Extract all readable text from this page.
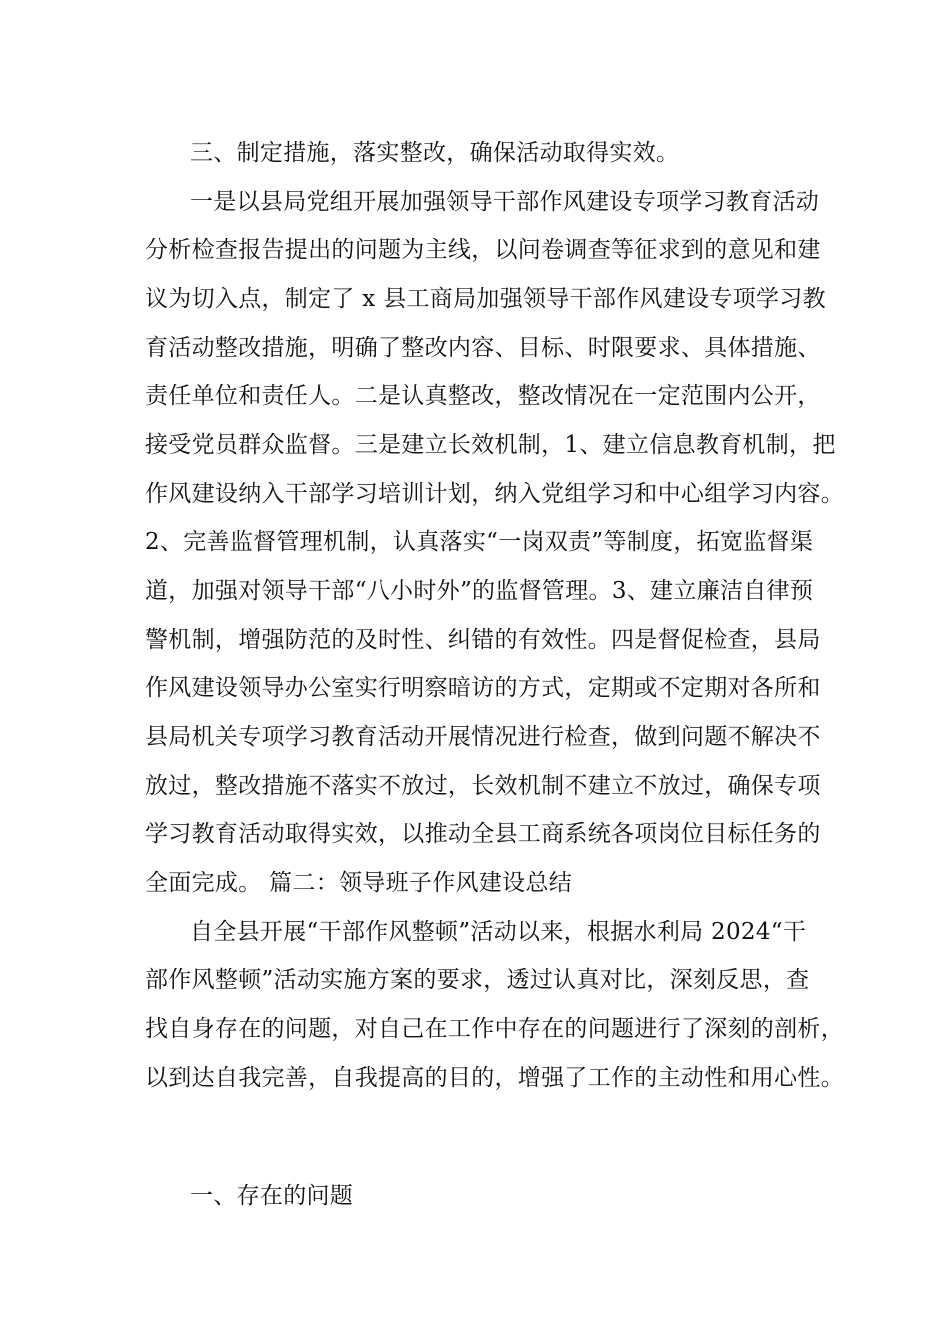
三、制定措施，落实整改，确保活动取得实效。
一是以县局党组开展加强领导干部作风建设专项学习教育活动
分析检查报告提出的问题为主线，以问卷调查等征求到的意见和建
议为切入点，制定了 x 县工商局加强领导干部作风建设专项学习教
育活动整改措施，明确了整改内容、目标、时限要求、具体措施、
责任单位和责任人。二是认真整改，整改情况在一定范围内公开，
接受党员群众监督。三是建立长效机制，1、建立信息教育机制，把
作风建设纳入干部学习培训计划，纳入党组学习和中心组学习内容。
2、完善监督管理机制，认真落实“一岗双责”等制度，拓宽监督渠
道，加强对领导干部“八小时外”的监督管理。3、建立廉洁自律预
警机制，增强防范的及时性、纠错的有效性。四是督促检查，县局
作风建设领导办公室实行明察暗访的方式，定期或不定期对各所和
县局机关专项学习教育活动开展情况进行检查，做到问题不解决不
放过，整改措施不落实不放过，长效机制不建立不放过，确保专项
学习教育活动取得实效，以推动全县工商系统各项岗位目标任务的
全面完成。 篇二：领导班子作风建设总结
自全县开展“干部作风整顿”活动以来，根据水利局 2024“干
部作风整顿”活动实施方案的要求，透过认真对比，深刻反思，查
找自身存在的问题，对自己在工作中存在的问题进行了深刻的剖析，
以到达自我完善，自我提高的目的，增强了工作的主动性和用心性。
一、存在的问题
